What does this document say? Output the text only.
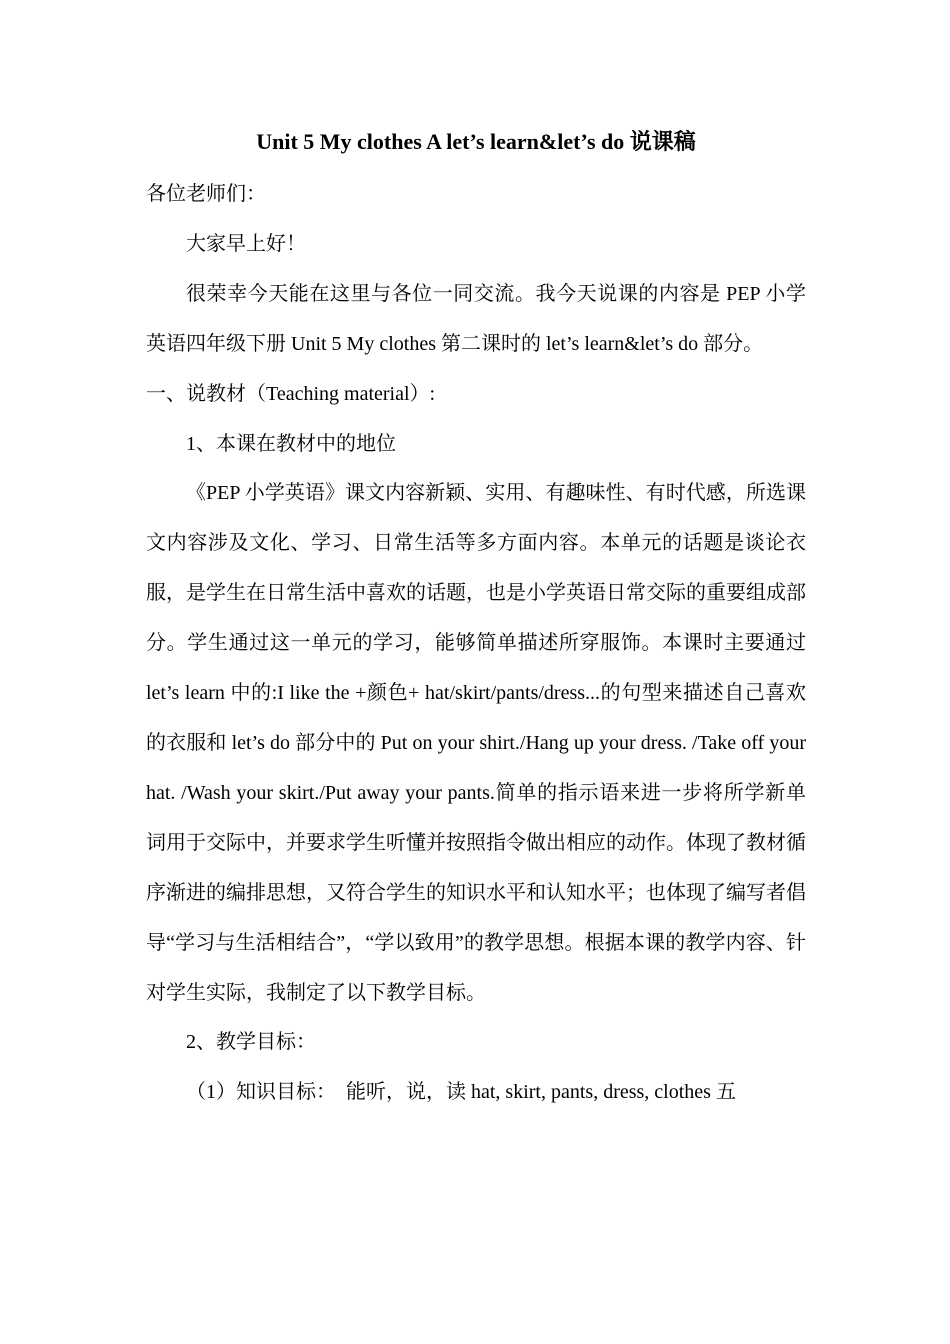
Unit 5 My clothes A let’s learn&let’s do 说课稿

各位老师们：

大家早上好！

很荣幸今天能在这里与各位一同交流。我今天说课的内容是 PEP 小学英语四年级下册 Unit 5 My clothes 第二课时的 let’s learn&let’s do 部分。

一、说教材（Teaching material）:

1、本课在教材中的地位

《PEP 小学英语》课文内容新颖、实用、有趣味性、有时代感，所选课文内容涉及文化、学习、日常生活等多方面内容。本单元的话题是谈论衣服，是学生在日常生活中喜欢的话题，也是小学英语日常交际的重要组成部分。学生通过这一单元的学习，能够简单描述所穿服饰。本课时主要通过 let’s learn 中的:I like the +颜色+ hat/skirt/pants/dress...的句型来描述自己喜欢的衣服和 let’s do 部分中的 Put on your shirt./Hang up your dress. /Take off your hat. /Wash your skirt./Put away your pants.简单的指示语来进一步将所学新单词用于交际中，并要求学生听懂并按照指令做出相应的动作。体现了教材循序渐进的编排思想，又符合学生的知识水平和认知水平；也体现了编写者倡导“学习与生活相结合”，“学以致用”的教学思想。根据本课的教学内容、针对学生实际，我制定了以下教学目标。

2、教学目标：

（1）知识目标：　能听，说，读 hat, skirt, pants, dress, clothes 五
